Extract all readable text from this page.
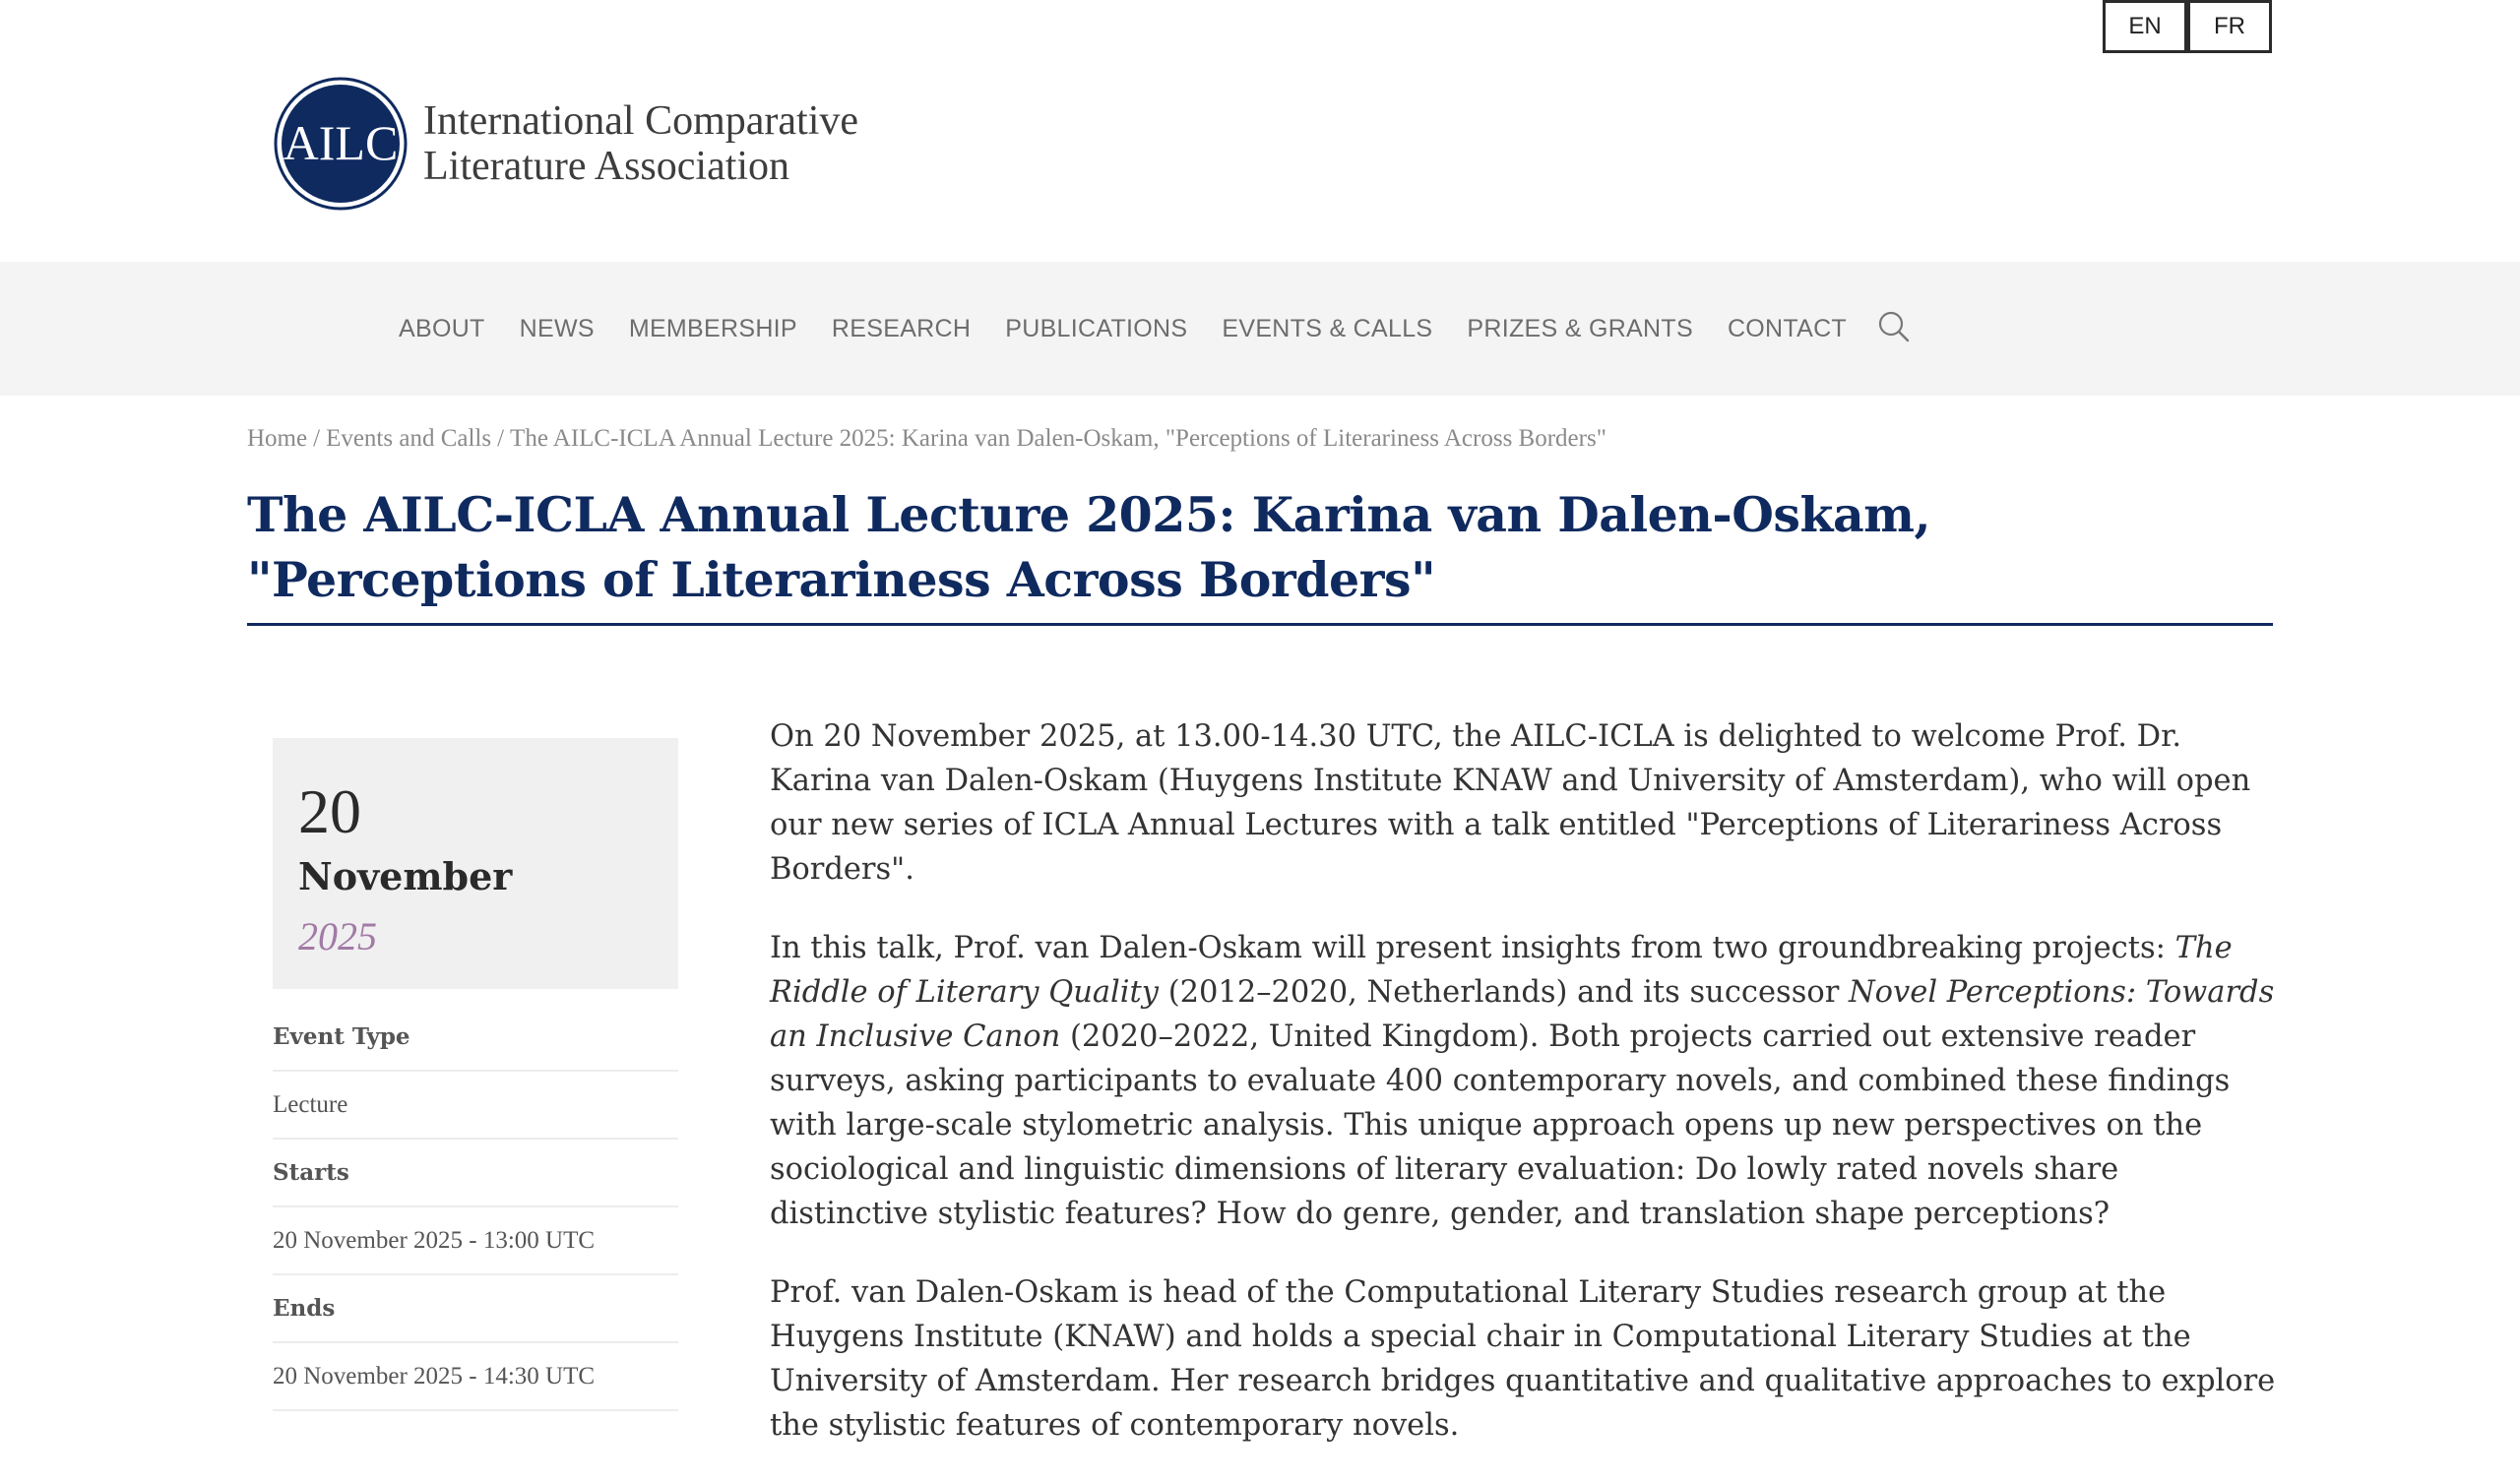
EN	FR
AILC International Comparative
Literature Association
ABOUT NEWS MEMBERSHIP RESEARCH PUBLICATIONS EVENTS & CALLS PRIZES & GRANTS CONTACT
Home / Events and Calls / The AILC-ICLA Annual Lecture 2025: Karina van Dalen-Oskam, "Perceptions of Literariness Across Borders"
The AILC-ICLA Annual Lecture 2025: Karina van Dalen-Oskam, "Perceptions of Literariness Across Borders"
20
November
2025
Event Type
Lecture
Starts
20 November 2025 - 13:00 UTC
Ends
20 November 2025 - 14:30 UTC

On 20 November 2025, at 13.00-14.30 UTC, the AILC-ICLA is delighted to welcome Prof. Dr. Karina van Dalen-Oskam (Huygens Institute KNAW and University of Amsterdam), who will open our new series of ICLA Annual Lectures with a talk entitled "Perceptions of Literariness Across Borders".

In this talk, Prof. van Dalen-Oskam will present insights from two groundbreaking projects: The Riddle of Literary Quality (2012–2020, Netherlands) and its successor Novel Perceptions: Towards an Inclusive Canon (2020–2022, United Kingdom). Both projects carried out extensive reader surveys, asking participants to evaluate 400 contemporary novels, and combined these findings with large-scale stylometric analysis. This unique approach opens up new perspectives on the sociological and linguistic dimensions of literary evaluation: Do lowly rated novels share distinctive stylistic features? How do genre, gender, and translation shape perceptions?

Prof. van Dalen-Oskam is head of the Computational Literary Studies research group at the Huygens Institute (KNAW) and holds a special chair in Computational Literary Studies at the University of Amsterdam. Her research bridges quantitative and qualitative approaches to explore the stylistic features of contemporary novels.
